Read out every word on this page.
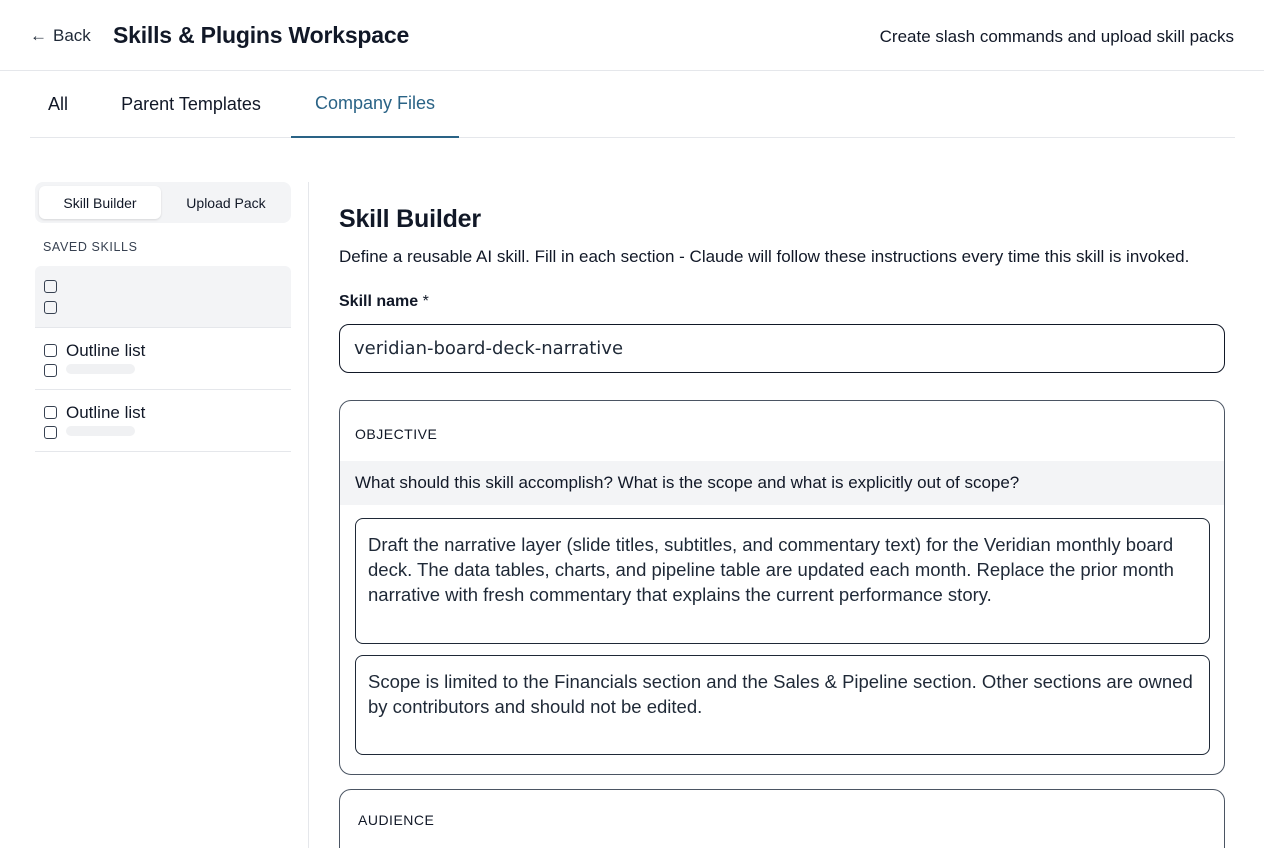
← Back Skills & Plugins Workspace	Create slash commands and upload skill packs
All	Parent Templates	Company Files
Skill Builder	Upload Pack
SAVED SKILLS
Outline list
Outline list
Skill Builder
Define a reusable AI skill. Fill in each section - Claude will follow these instructions every time this skill is invoked.
Skill name *
veridian-board-deck-narrative
OBJECTIVE
What should this skill accomplish? What is the scope and what is explicitly out of scope?
Draft the narrative layer (slide titles, subtitles, and commentary text) for the Veridian monthly board deck. The data tables, charts, and pipeline table are updated each month. Replace the prior month narrative with fresh commentary that explains the current performance story.
Scope is limited to the Financials section and the Sales & Pipeline section. Other sections are owned by contributors and should not be edited.
AUDIENCE
